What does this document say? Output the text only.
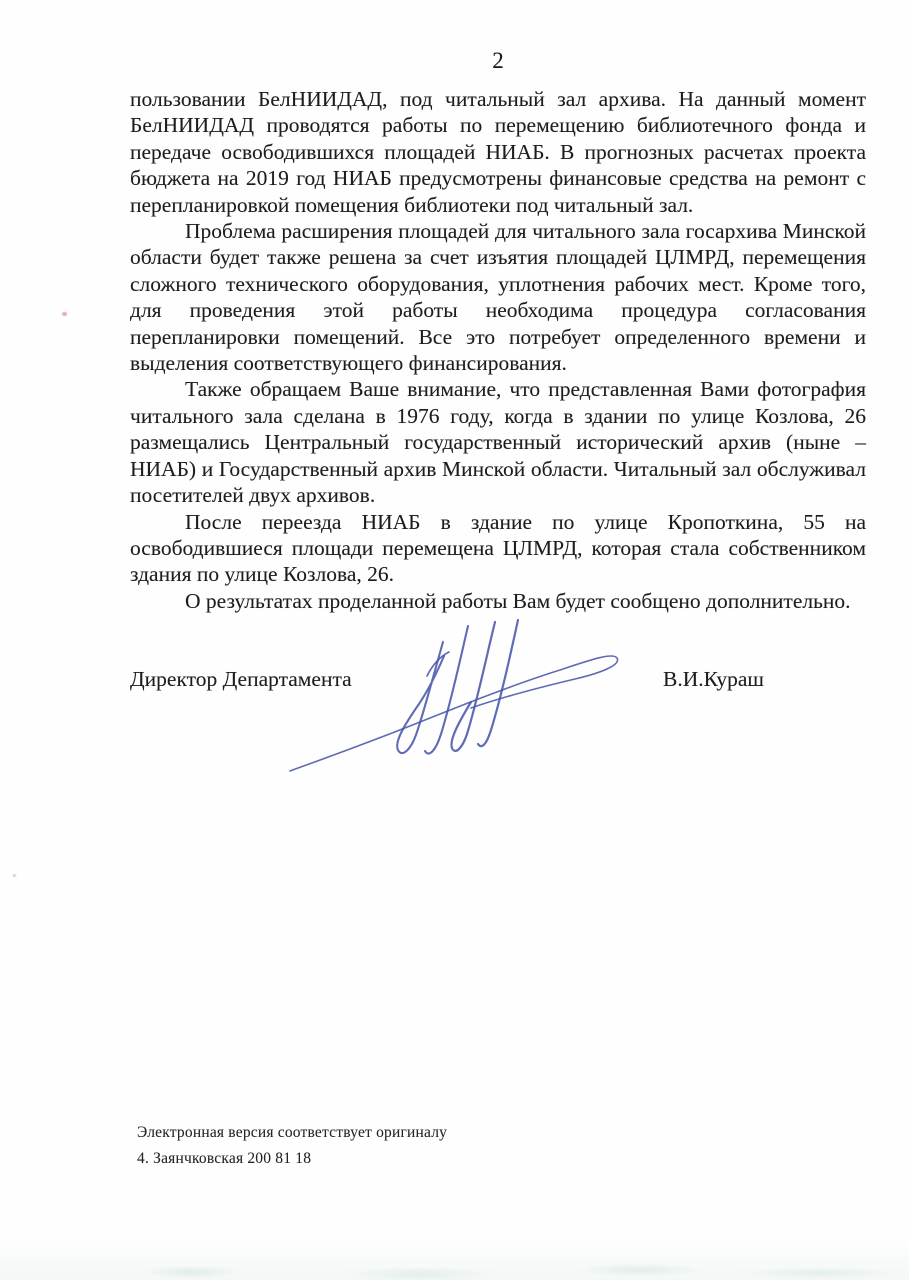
2

пользовании БелНИИДАД, под читальный зал архива. На данный момент БелНИИДАД проводятся работы по перемещению библиотечного фонда и передаче освободившихся площадей НИАБ. В прогнозных расчетах проекта бюджета на 2019 год НИАБ предусмотрены финансовые средства на ремонт с перепланировкой помещения библиотеки под читальный зал.

Проблема расширения площадей для читального зала госархива Минской области будет также решена за счет изъятия площадей ЦЛМРД, перемещения сложного технического оборудования, уплотнения рабочих мест. Кроме того, для проведения этой работы необходима процедура согласования перепланировки помещений. Все это потребует определенного времени и выделения соответствующего финансирования.

Также обращаем Ваше внимание, что представленная Вами фотография читального зала сделана в 1976 году, когда в здании по улице Козлова, 26 размещались Центральный государственный исторический архив (ныне – НИАБ) и Государственный архив Минской области. Читальный зал обслуживал посетителей двух архивов.

После переезда НИАБ в здание по улице Кропоткина, 55 на освободившиеся площади перемещена ЦЛМРД, которая стала собственником здания по улице Козлова, 26.

О результатах проделанной работы Вам будет сообщено дополнительно.

Директор Департамента	В.И.Кураш
Электронная версия соответствует оригиналу
4. Заянчковская 200 81 18
